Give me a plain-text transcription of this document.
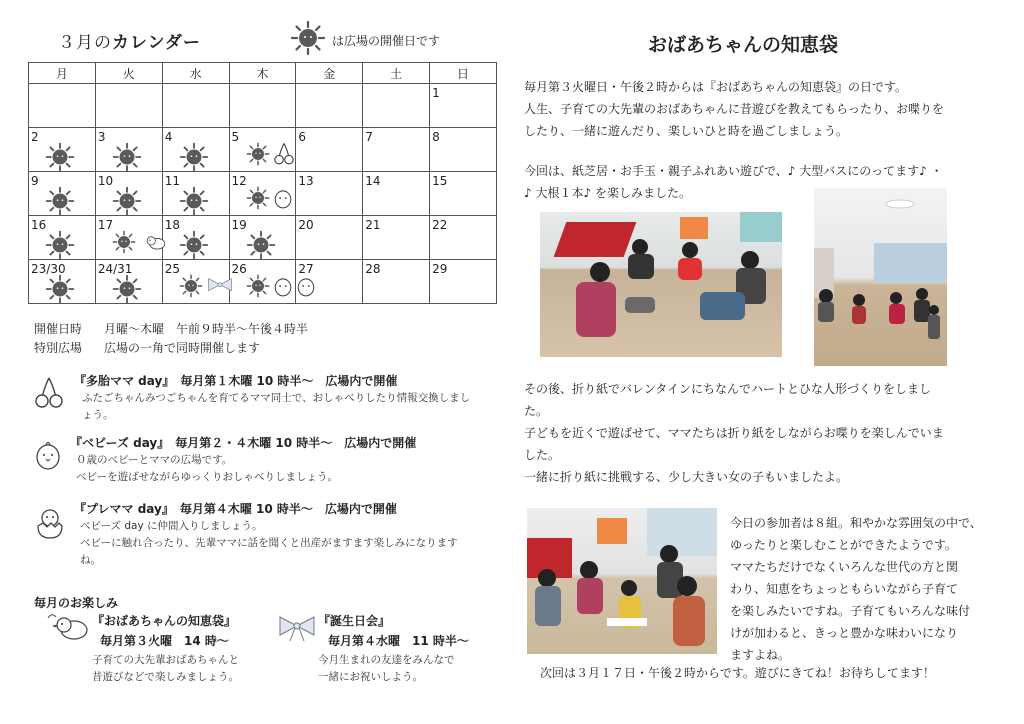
３月のカレンダー	は広場の開催日です
月	火	水	木	金	土	日

						1

2	3	4	5	6	7	8

9	10	11	12	13	14	15

16	17	18	19	20	21	22

23/30	24/31	25	26	27	28	29
開催日時 月曜～木曜　午前９時半～午後４時半
特別広場 広場の一角で同時開催します
『多胎ママ day』　毎月第１木曜 10 時半～　広場内で開催
ふたごちゃんみつごちゃんを育てるママ同士で、おしゃべりしたり情報交換しまし
ょう。
『ベビーズ day』　毎月第２・４木曜 10 時半～　広場内で開催
０歳のベビーとママの広場です。
ベビーを遊ばせながらゆっくりおしゃべりしましょう。
『プレママ day』　毎月第４木曜 10 時半～　広場内で開催
ベビーズ day に仲間入りしましょう。
ベビーに触れ合ったり、先輩ママに話を聞くと出産がますます楽しみになります
ね。
毎月のお楽しみ
『おばあちゃんの知恵袋』
毎月第３火曜　14 時～
子育ての大先輩おばあちゃんと
昔遊びなどで楽しみましょう。
『誕生日会』
毎月第４水曜　11 時半～
今月生まれの友達をみんなで
一緒にお祝いしよう。
おばあちゃんの知恵袋

毎月第３火曜日・午後２時からは『おばあちゃんの知恵袋』の日です。

人生、子育ての大先輩のおばあちゃんに昔遊びを教えてもらったり、お喋りを

したり、一緒に遊んだり、楽しいひと時を過ごしましょう。

今回は、紙芝居・お手玉・親子ふれあい遊びで、♪ 大型バスにのってます♪ ・

♪ 大根１本♪ を楽しみました。

その後、折り紙でバレンタインにちなんでハートとひな人形づくりをしまし

た。

子どもを近くで遊ばせて、ママたちは折り紙をしながらお喋りを楽しんでいま

した。

一緒に折り紙に挑戦する、少し大きい女の子もいましたよ。

今日の参加者は８組。和やかな雰囲気の中で、

ゆったりと楽しむことができたようです。

ママたちだけでなくいろんな世代の方と関

わり、知恵をちょっともらいながら子育て

を楽しみたいですね。子育てもいろんな味付

けが加わると、きっと豊かな味わいになり

ますよね。

次回は３月１７日・午後２時からです。遊びにきてね！お待ちしてます！
